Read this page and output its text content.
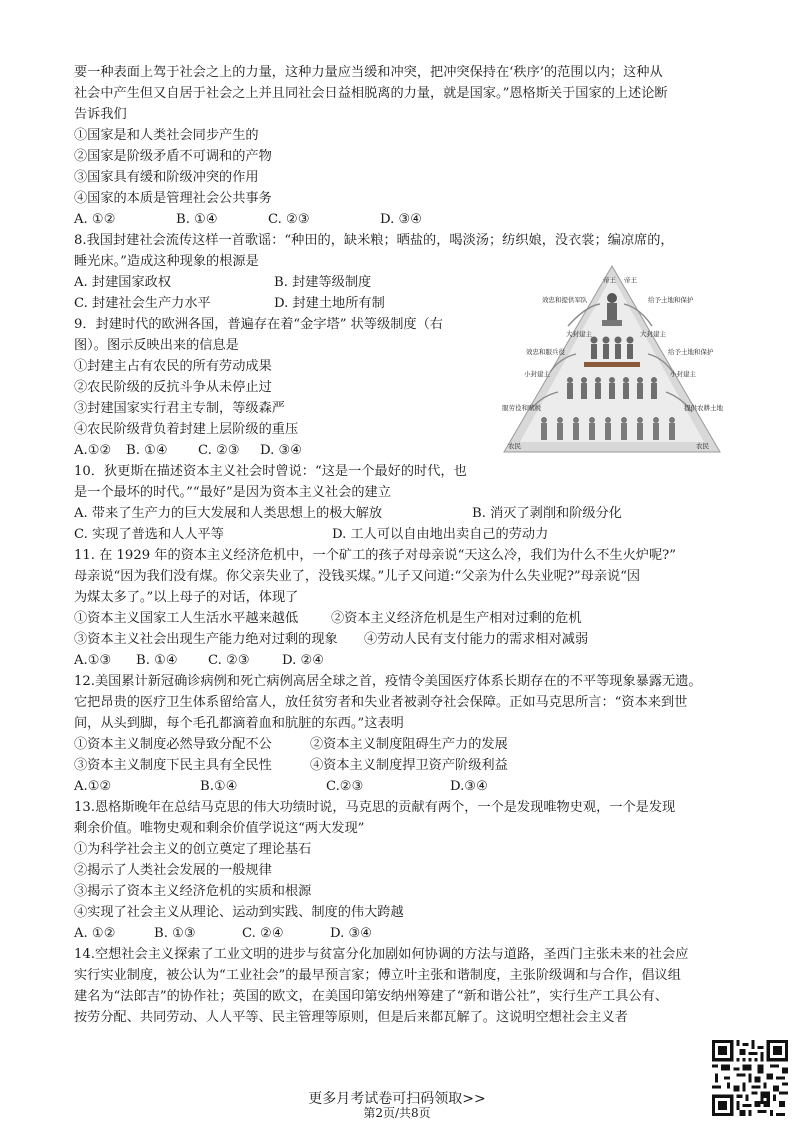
要一种表面上驾于社会之上的力量，这种力量应当缓和冲突，把冲突保持在‘秩序’的范围以内；这种从
社会中产生但又自居于社会之上并且同社会日益相脱离的力量，就是国家。”恩格斯关于国家的上述论断
告诉我们
①国家是和人类社会同步产生的
②国家是阶级矛盾不可调和的产物
③国家具有缓和阶级冲突的作用
④国家的本质是管理社会公共事务
A. ①②	B. ①④	C. ②③	D. ③④
8.我国封建社会流传这样一首歌谣：“种田的，缺米粮；晒盐的，喝淡汤；纺织娘，没衣裳；编凉席的，
睡光床。”造成这种现象的根源是
A. 封建国家政权	B. 封建等级制度
C. 封建社会生产力水平	D. 封建土地所有制
9．封建时代的欧洲各国，普遍存在着“金字塔” 状等级制度（右
图）。图示反映出来的信息是
①封建主占有农民的所有劳动成果
②农民阶级的反抗斗争从未停止过
③封建国家实行君主专制，等级森严
④农民阶级背负着封建上层阶级的重压
A.①② B. ①④ C. ②③ D. ③④
10．狄更斯在描述资本主义社会时曾说：“这是一个最好的时代，也
是一个最坏的时代。”“最好”是因为资本主义社会的建立
A. 带来了生产力的巨大发展和人类思想上的极大解放	B. 消灭了剥削和阶级分化
C. 实现了普选和人人平等	D. 工人可以自由地出卖自己的劳动力
11. 在 1929 年的资本主义经济危机中，一个矿工的孩子对母亲说“天这么冷，我们为什么不生火炉呢?”
母亲说“因为我们没有煤。你父亲失业了，没钱买煤。”儿子又问道:“父亲为什么失业呢?”母亲说“因
为煤太多了。”以上母子的对话，体现了
①资本主义国家工人生活水平越来越低 ②资本主义经济危机是生产相对过剩的危机
③资本主义社会出现生产能力绝对过剩的现象 ④劳动人民有支付能力的需求相对减弱
A.①③ B. ①④ C. ②③ D. ②④
12.美国累计新冠确诊病例和死亡病例高居全球之首，疫情令美国医疗体系长期存在的不平等现象暴露无遗。
它把昂贵的医疗卫生体系留给富人，放任贫穷者和失业者被剥夺社会保障。正如马克思所言：“资本来到世
间，从头到脚，每个毛孔都滴着血和肮脏的东西。”这表明
①资本主义制度必然导致分配不公	②资本主义制度阻碍生产力的发展
③资本主义制度下民主具有全民性	④资本主义制度捍卫资产阶级利益
A.①②	B.①④	C.②③	D.③④
13.恩格斯晚年在总结马克思的伟大功绩时说，马克思的贡献有两个，一个是发现唯物史观，一个是发现
剩余价值。唯物史观和剩余价值学说这“两大发现”
①为科学社会主义的创立奠定了理论基石
②揭示了人类社会发展的一般规律
③揭示了资本主义经济危机的实质和根源
④实现了社会主义从理论、运动到实践、制度的伟大跨越
A. ①②	B. ①③	C. ②④	D. ③④
14.空想社会主义探索了工业文明的进步与贫富分化加剧如何协调的方法与道路，圣西门主张未来的社会应
实行实业制度，被公认为“工业社会”的最早预言家；傅立叶主张和谐制度，主张阶级调和与合作，倡议组
建名为“法郎吉”的协作社；英国的欧文，在美国印第安纳州筹建了“新和谐公社”，实行生产工具公有、
按劳分配、共同劳动、人人平等、民主管理等原则，但是后来都瓦解了。这说明空想社会主义者
帝王 帝王
效忠和提供军队	给予土地和保护
大封建主	大封建主
效忠和服兵役	给予土地和保护
小封建主	小封建主
服劳役和赋税	提供农耕土地
农民	农民
更多月考试卷可扫码领取>>
第2页/共8页
